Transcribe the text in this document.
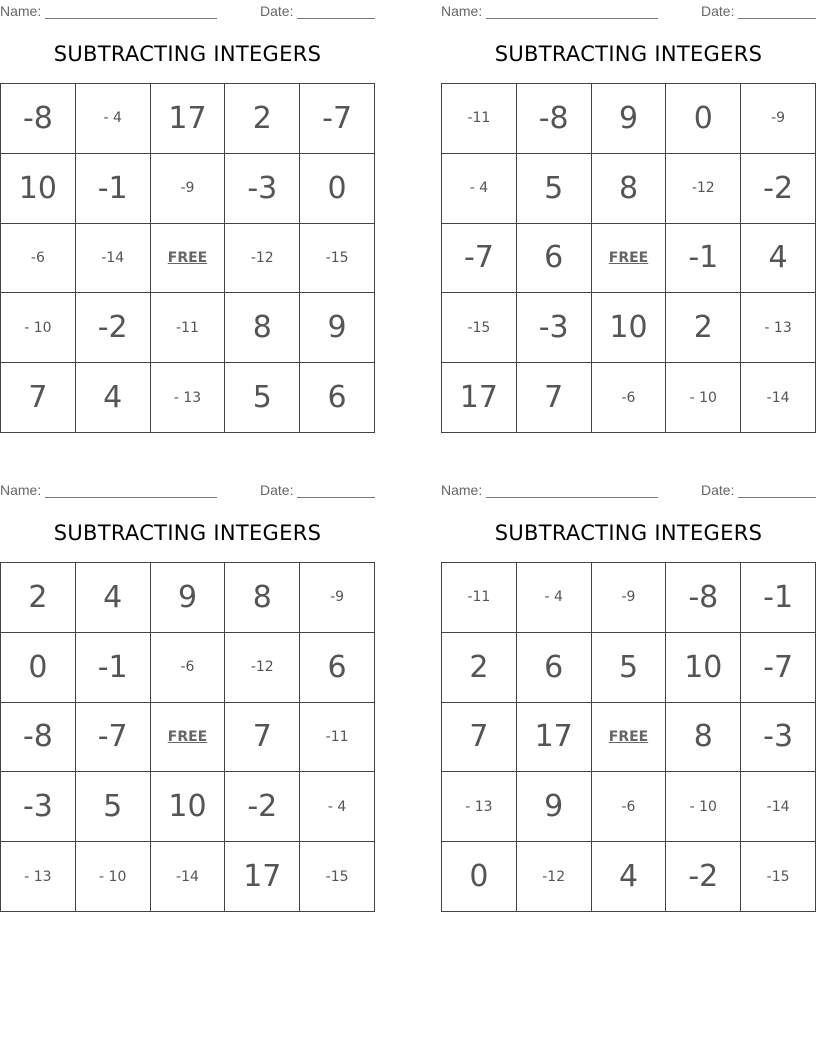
Name:	Date:
SUBTRACTING INTEGERS
-8	- 4	17	2	-7
10	-1	-9	-3	0
-6	-14	FREE	-12	-15
- 10	-2	-11	8	9
7	4	- 13	5	6
Name:	Date:
SUBTRACTING INTEGERS
-11	-8	9	0	-9
- 4	5	8	-12	-2
-7	6	FREE	-1	4
-15	-3	10	2	- 13
17	7	-6	- 10	-14
Name:	Date:
SUBTRACTING INTEGERS
2	4	9	8	-9
0	-1	-6	-12	6
-8	-7	FREE	7	-11
-3	5	10	-2	- 4
- 13	- 10	-14	17	-15
Name:	Date:
SUBTRACTING INTEGERS
-11	- 4	-9	-8	-1
2	6	5	10	-7
7	17	FREE	8	-3
- 13	9	-6	- 10	-14
0	-12	4	-2	-15
